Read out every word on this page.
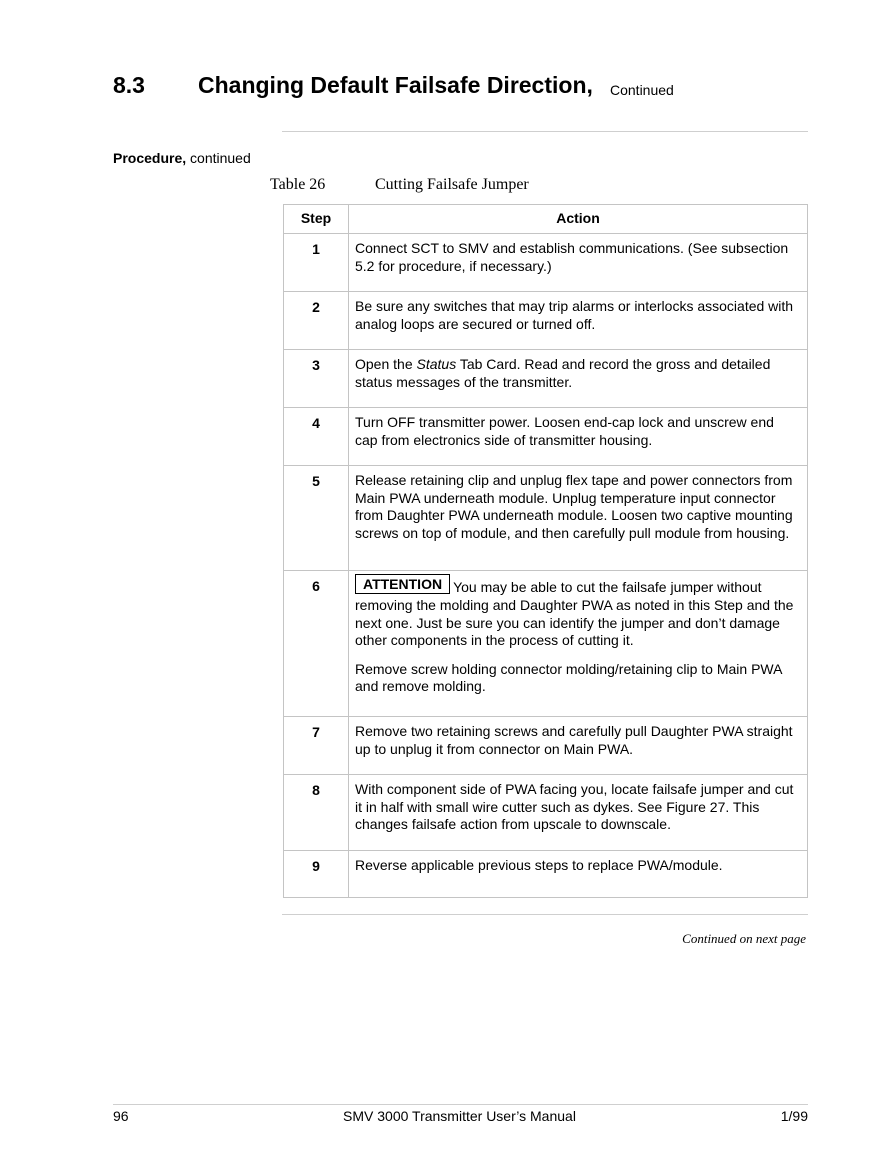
8.3 Changing Default Failsafe Direction, Continued
Procedure, continued
Table 26	Cutting Failsafe Jumper
Step	Action
1	Connect SCT to SMV and establish communications. (See subsection 5.2 for procedure, if necessary.)
2	Be sure any switches that may trip alarms or interlocks associated with analog loops are secured or turned off.
3	Open the Status Tab Card. Read and record the gross and detailed status messages of the transmitter.
4	Turn OFF transmitter power. Loosen end-cap lock and unscrew end cap from electronics side of transmitter housing.
5	Release retaining clip and unplug flex tape and power connectors from Main PWA underneath module. Unplug temperature input connector from Daughter PWA underneath module. Loosen two captive mounting screws on top of module, and then carefully pull module from housing.
6	ATTENTION You may be able to cut the failsafe jumper without removing the molding and Daughter PWA as noted in this Step and the next one. Just be sure you can identify the jumper and don’t damage other components in the process of cutting it.
Remove screw holding connector molding/retaining clip to Main PWA and remove molding.

7	Remove two retaining screws and carefully pull Daughter PWA straight up to unplug it from connector on Main PWA.
8	With component side of PWA facing you, locate failsafe jumper and cut it in half with small wire cutter such as dykes. See Figure 27. This changes failsafe action from upscale to downscale.
9	Reverse applicable previous steps to replace PWA/module.
Continued on next page
96	SMV 3000 Transmitter User’s Manual	1/99
